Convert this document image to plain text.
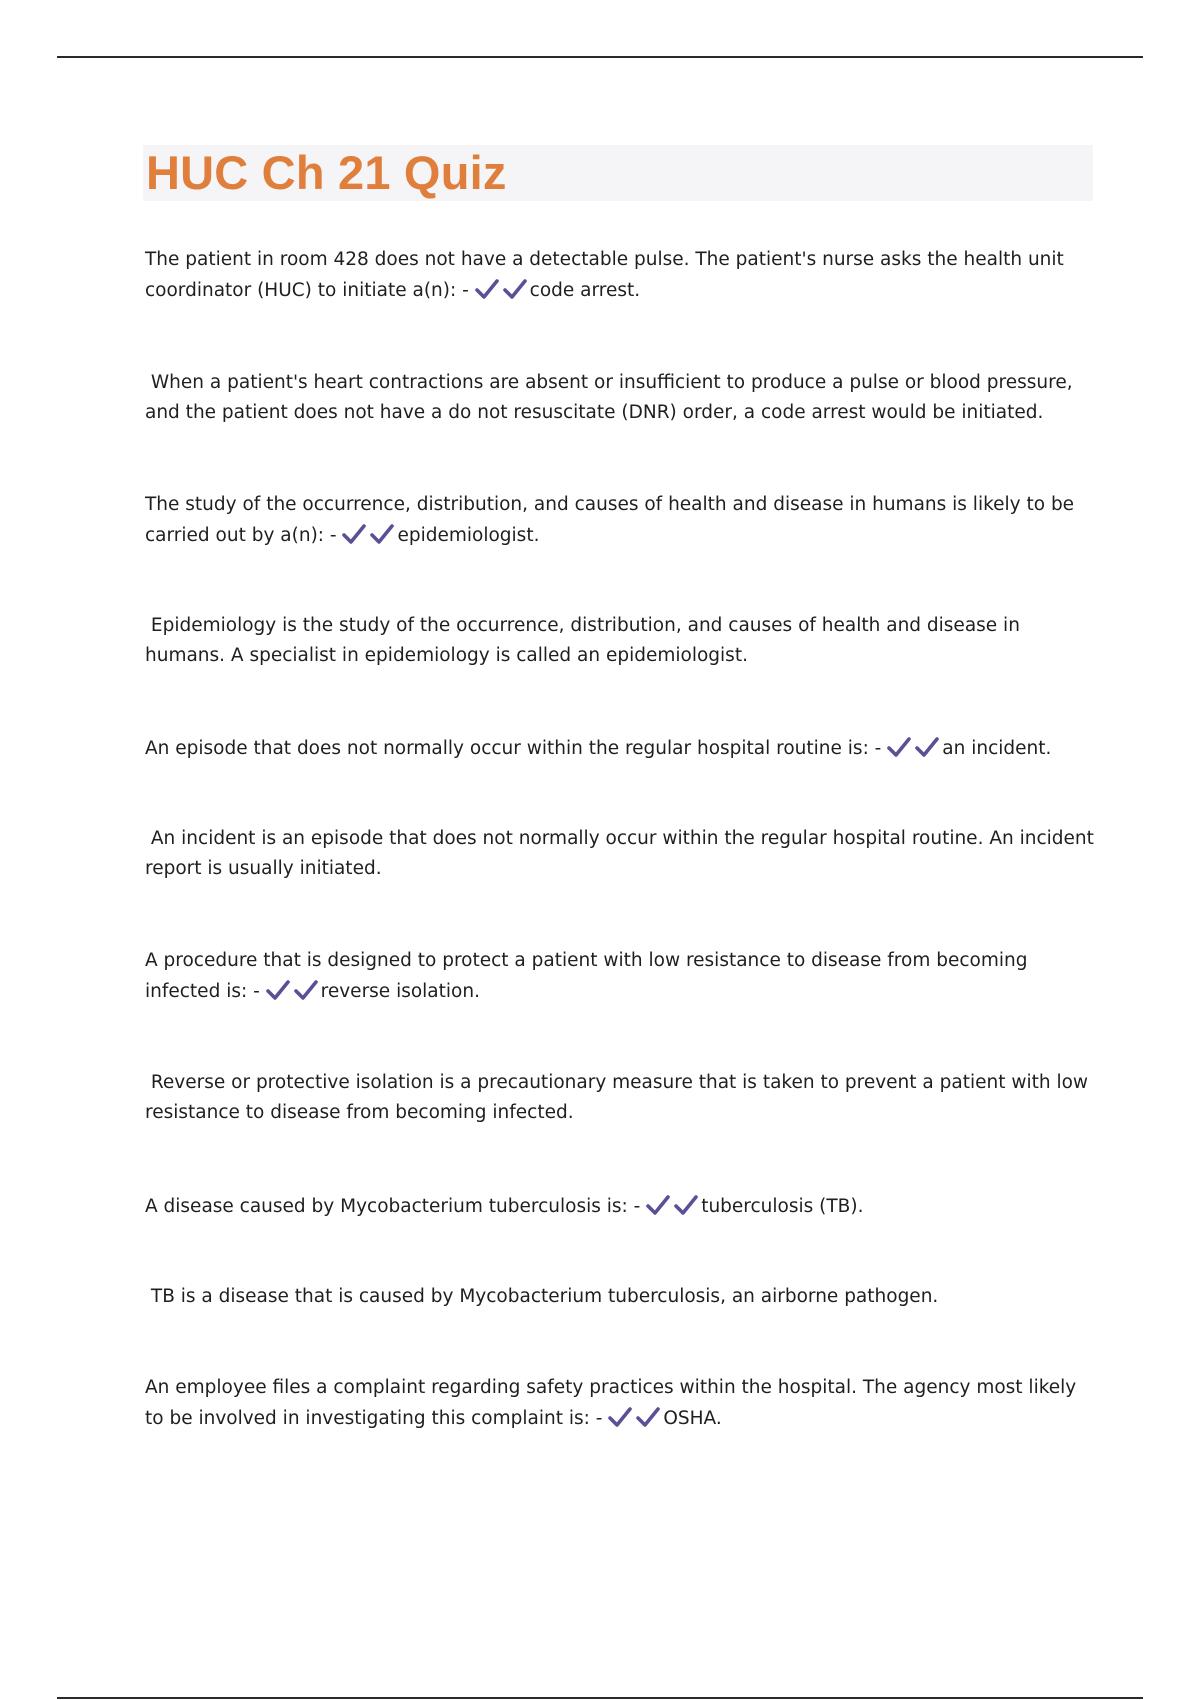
HUC Ch 21 Quiz

The patient in room 428 does not have a detectable pulse. The patient's nurse asks the health unit coordinator (HUC) to initiate a(n): -	code arrest.

When a patient's heart contractions are absent or insufficient to produce a pulse or blood pressure, and the patient does not have a do not resuscitate (DNR) order, a code arrest would be initiated.

The study of the occurrence, distribution, and causes of health and disease in humans is likely to be carried out by a(n): -	epidemiologist.

Epidemiology is the study of the occurrence, distribution, and causes of health and disease in humans. A specialist in epidemiology is called an epidemiologist.

An episode that does not normally occur within the regular hospital routine is: -	an incident.

An incident is an episode that does not normally occur within the regular hospital routine. An incident report is usually initiated.

A procedure that is designed to protect a patient with low resistance to disease from becoming infected is: -	reverse isolation.

Reverse or protective isolation is a precautionary measure that is taken to prevent a patient with low resistance to disease from becoming infected.

A disease caused by Mycobacterium tuberculosis is: -	tuberculosis (TB).

TB is a disease that is caused by Mycobacterium tuberculosis, an airborne pathogen.

An employee files a complaint regarding safety practices within the hospital. The agency most likely to be involved in investigating this complaint is: -	OSHA.
